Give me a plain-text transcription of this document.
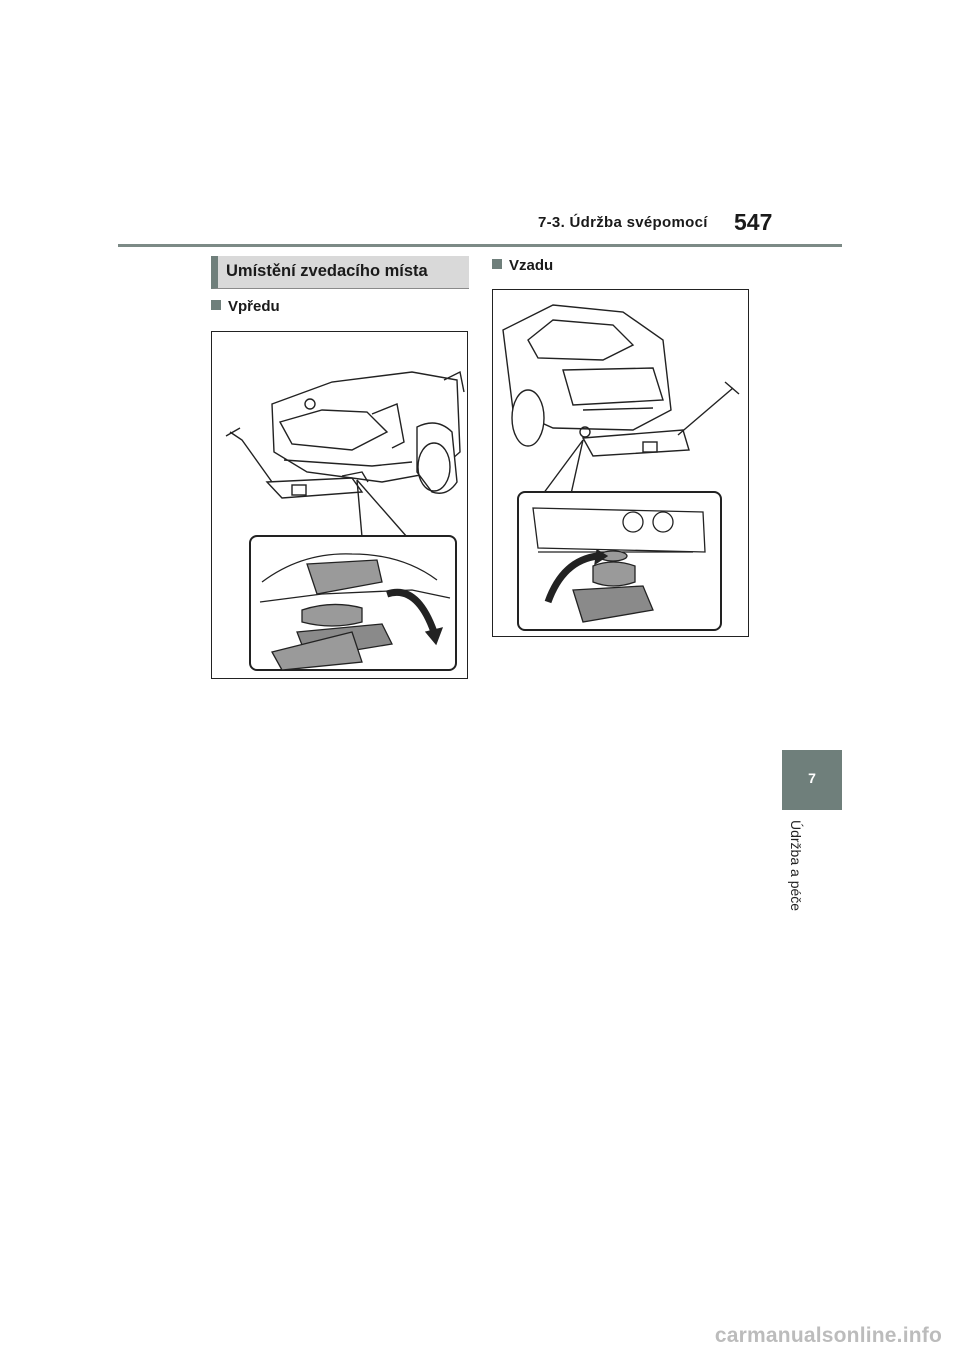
7-3. Údržba svépomocí 547
Umístění zvedacího místa
Vpředu
Vzadu
7
Údržba a péče
carmanualsonline.info
